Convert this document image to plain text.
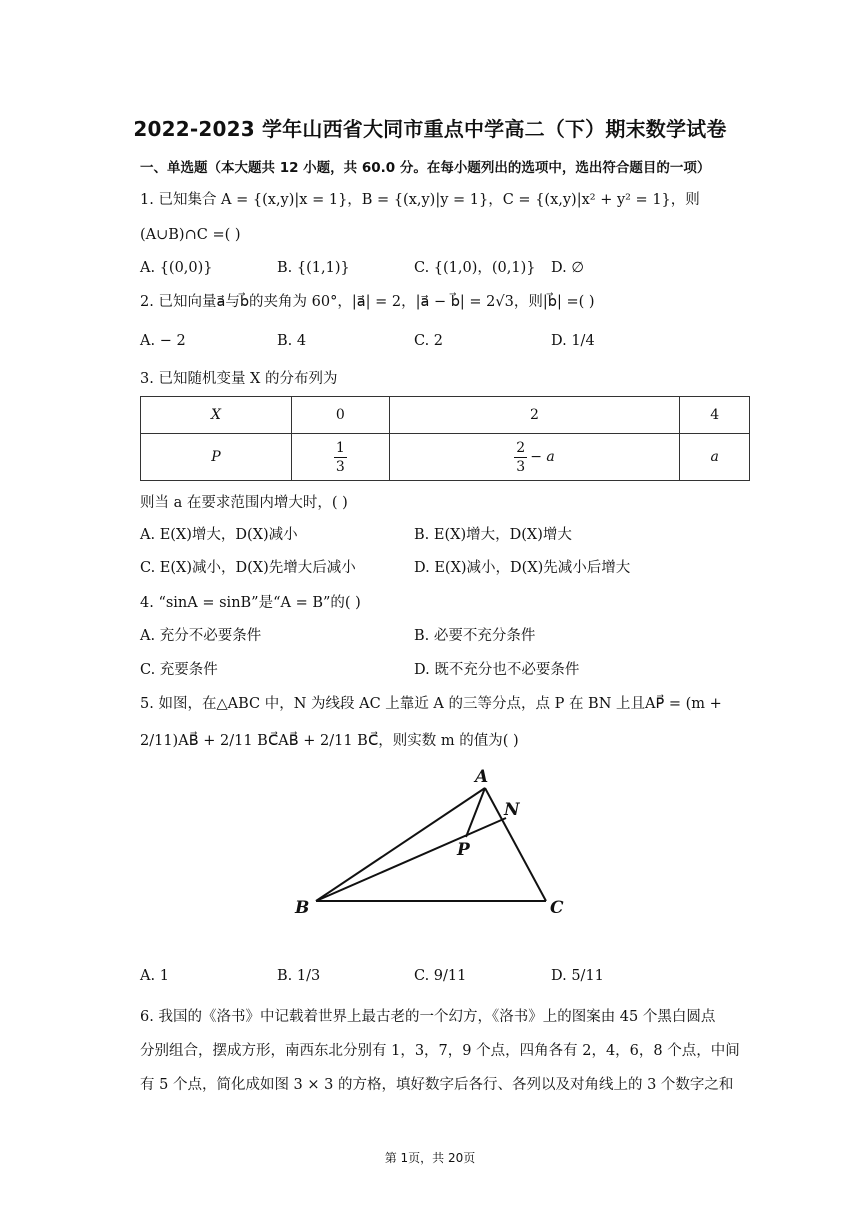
2022-2023 学年山西省大同市重点中学高二（下）期末数学试卷
一、单选题（本大题共 12 小题，共 60.0 分。在每小题列出的选项中，选出符合题目的一项）
1. 已知集合 A = {(x,y)|x = 1}，B = {(x,y)|y = 1}，C = {(x,y)|x² + y² = 1}，则
(A∪B)∩C =( )
A. {(0,0)}	B. {(1,1)}	C. {(1,0)，(0,1)} D. ∅
2. 已知向量a⃗与b⃗的夹角为 60°，|a⃗| = 2，|a⃗ − b⃗| = 2√3，则|b⃗| =( )
A. − 2	B. 4	C. 2	D. 1/4
3. 已知随机变量 X 的分布列为
X	0	2	4
P	$\frac{1}{3}$	$\frac{2}{3} - a$	a
则当 a 在要求范围内增大时，( )
A. E(X)增大，D(X)减小	B. E(X)增大，D(X)增大
C. E(X)减小，D(X)先增大后减小	D. E(X)减小，D(X)先减小后增大
4. “sinA = sinB”是“A = B”的( )
A. 充分不必要条件	B. 必要不充分条件
C. 充要条件	D. 既不充分也不必要条件
5. 如图，在△ABC 中，N 为线段 AC 上靠近 A 的三等分点，点 P 在 BN 上且AP⃗ = (m +
2/11)AB⃗ + 2/11 BC⃗AB⃗ + 2/11 BC⃗，则实数 m 的值为( )
A
N
P
B	C
A. 1	B. 1/3	C. 9/11	D. 5/11
6. 我国的《洛书》中记载着世界上最古老的一个幻方，《洛书》上的图案由 45 个黑白圆点
分别组合，摆成方形，南西东北分别有 1，3，7，9 个点，四角各有 2，4，6，8 个点，中间
有 5 个点，简化成如图 3 × 3 的方格，填好数字后各行、各列以及对角线上的 3 个数字之和
第 1页，共 20页
